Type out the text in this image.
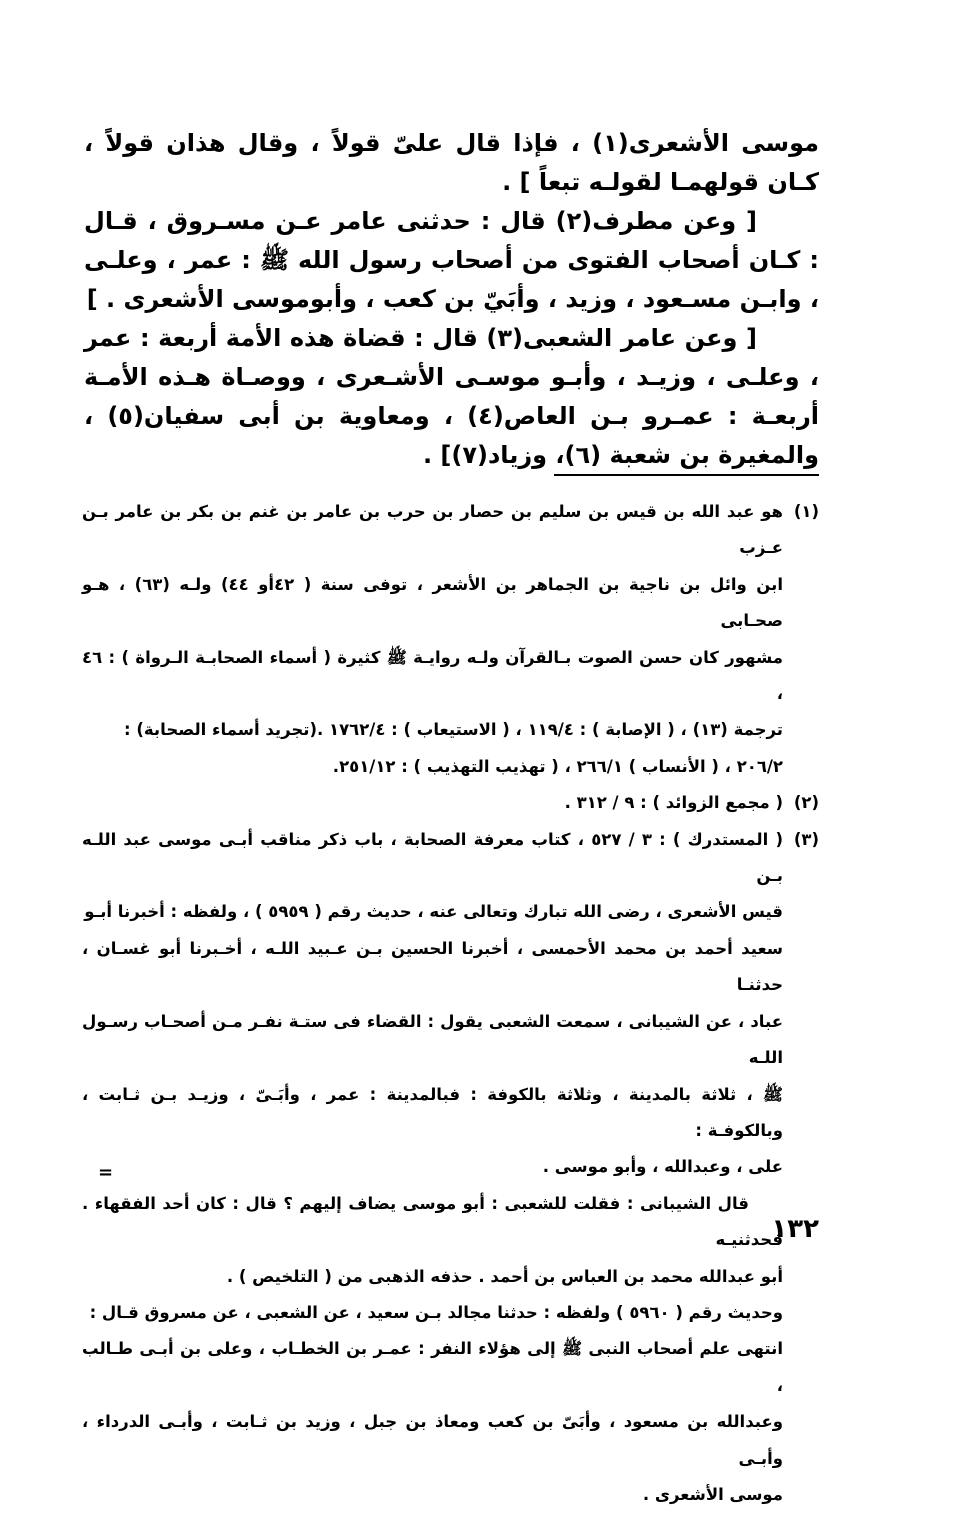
موسى الأشعرى(١) ، فإذا قال علىّ قولاً ، وقال هذان قولاً ، كـان قولهمـا لقولـه تبعاً ] .

[ وعن مطرف(٢) قال : حدثنى عامر عـن مسـروق ، قـال : كـان أصحاب الفتوى من أصحاب رسول الله ﷺ : عمر ، وعلـى ، وابـن مسـعود ، وزيد ، وأبَيّ بن كعب ، وأبوموسى الأشعرى . ]

[ وعن عامر الشعبى(٣) قال : قضاة هذه الأمة أربعة : عمر ، وعلـى ، وزيـد ، وأبـو موسـى الأشـعرى ، ووصـاة هـذه الأمـة أربعـة : عمـرو بـن العاص(٤) ، ومعاوية بن أبى سفيان(٥) ، والمغيرة بن شعبة (٦)، وزياد(٧)] .

(١)
هو عبد الله بن قيس بن سليم بن حصار بن حرب بن عامر بن غنم بن بكر بن عامر بـن عـزب
ابن وائل بن ناجية بن الجماهر بن الأشعر ، توفى سنة ( ٤٢أو ٤٤) ولـه (٦٣) ، هـو صحـابى
مشهور كان حسن الصوت بـالقرآن ولـه روايـة ﷺ كثيرة ( أسماء الصحابـة الـرواة ) : ٤٦ ،
ترجمة (١٣) ، ( الإصابة ) : ١١٩/٤ ، ( الاستيعاب ) : ١٧٦٢/٤ .(تجريد أسماء الصحابة) :
٢٠٦/٢ ، ( الأنساب ) ٢٦٦/١ ، ( تهذيب التهذيب ) : ٢٥١/١٢.
(٢)
( مجمع الزوائد ) : ٩ / ٣١٢ .
(٣)
( المستدرك ) : ٣ / ٥٢٧ ، كتاب معرفة الصحابة ، باب ذكر مناقب أبـى موسى عبد اللـه بـن
قيس الأشعرى ، رضى الله تبارك وتعالى عنه ، حديث رقم ( ٥٩٥٩ ) ، ولفظه : أخبرنا أبـو
سعيد أحمد بن محمد الأحمسى ، أخبرنا الحسين بـن عـبيد اللـه ، أخـبرنا أبو غسـان ، حدثنـا
عباد ، عن الشيبانى ، سمعت الشعبى يقول : القضاء فى ستـة نفـر مـن أصحـاب رسـول اللـه
ﷺ ، ثلاثة بالمدينة ، وثلاثة بالكوفة : فبالمدينة : عمر ، وأبَـىّ ، وزيـد بـن ثـابت ، وبالكوفـة :
على ، وعبدالله ، وأبو موسى .
قال الشيبانى : فقلت للشعبى : أبو موسى يضاف إليهم ؟ قال : كان أحد الفقهاء . فحدثنيـه
أبو عبدالله محمد بن العباس بن أحمد . حذفه الذهبى من ( التلخيص ) .
وحديث رقم ( ٥٩٦٠ ) ولفظه : حدثنا مجالد بـن سعيد ، عن الشعبى ، عن مسروق قـال :
انتهى علم أصحاب النبى ﷺ إلى هؤلاء النفر : عمـر بن الخطـاب ، وعلى بن أبـى طـالب ،
وعبدالله بن مسعود ، وأبَىّ بن كعب ومعاذ بن جبل ، وزيد بن ثـابت ، وأبـى الدرداء ، وأبـى
موسى الأشعرى .
=
١٣٢
